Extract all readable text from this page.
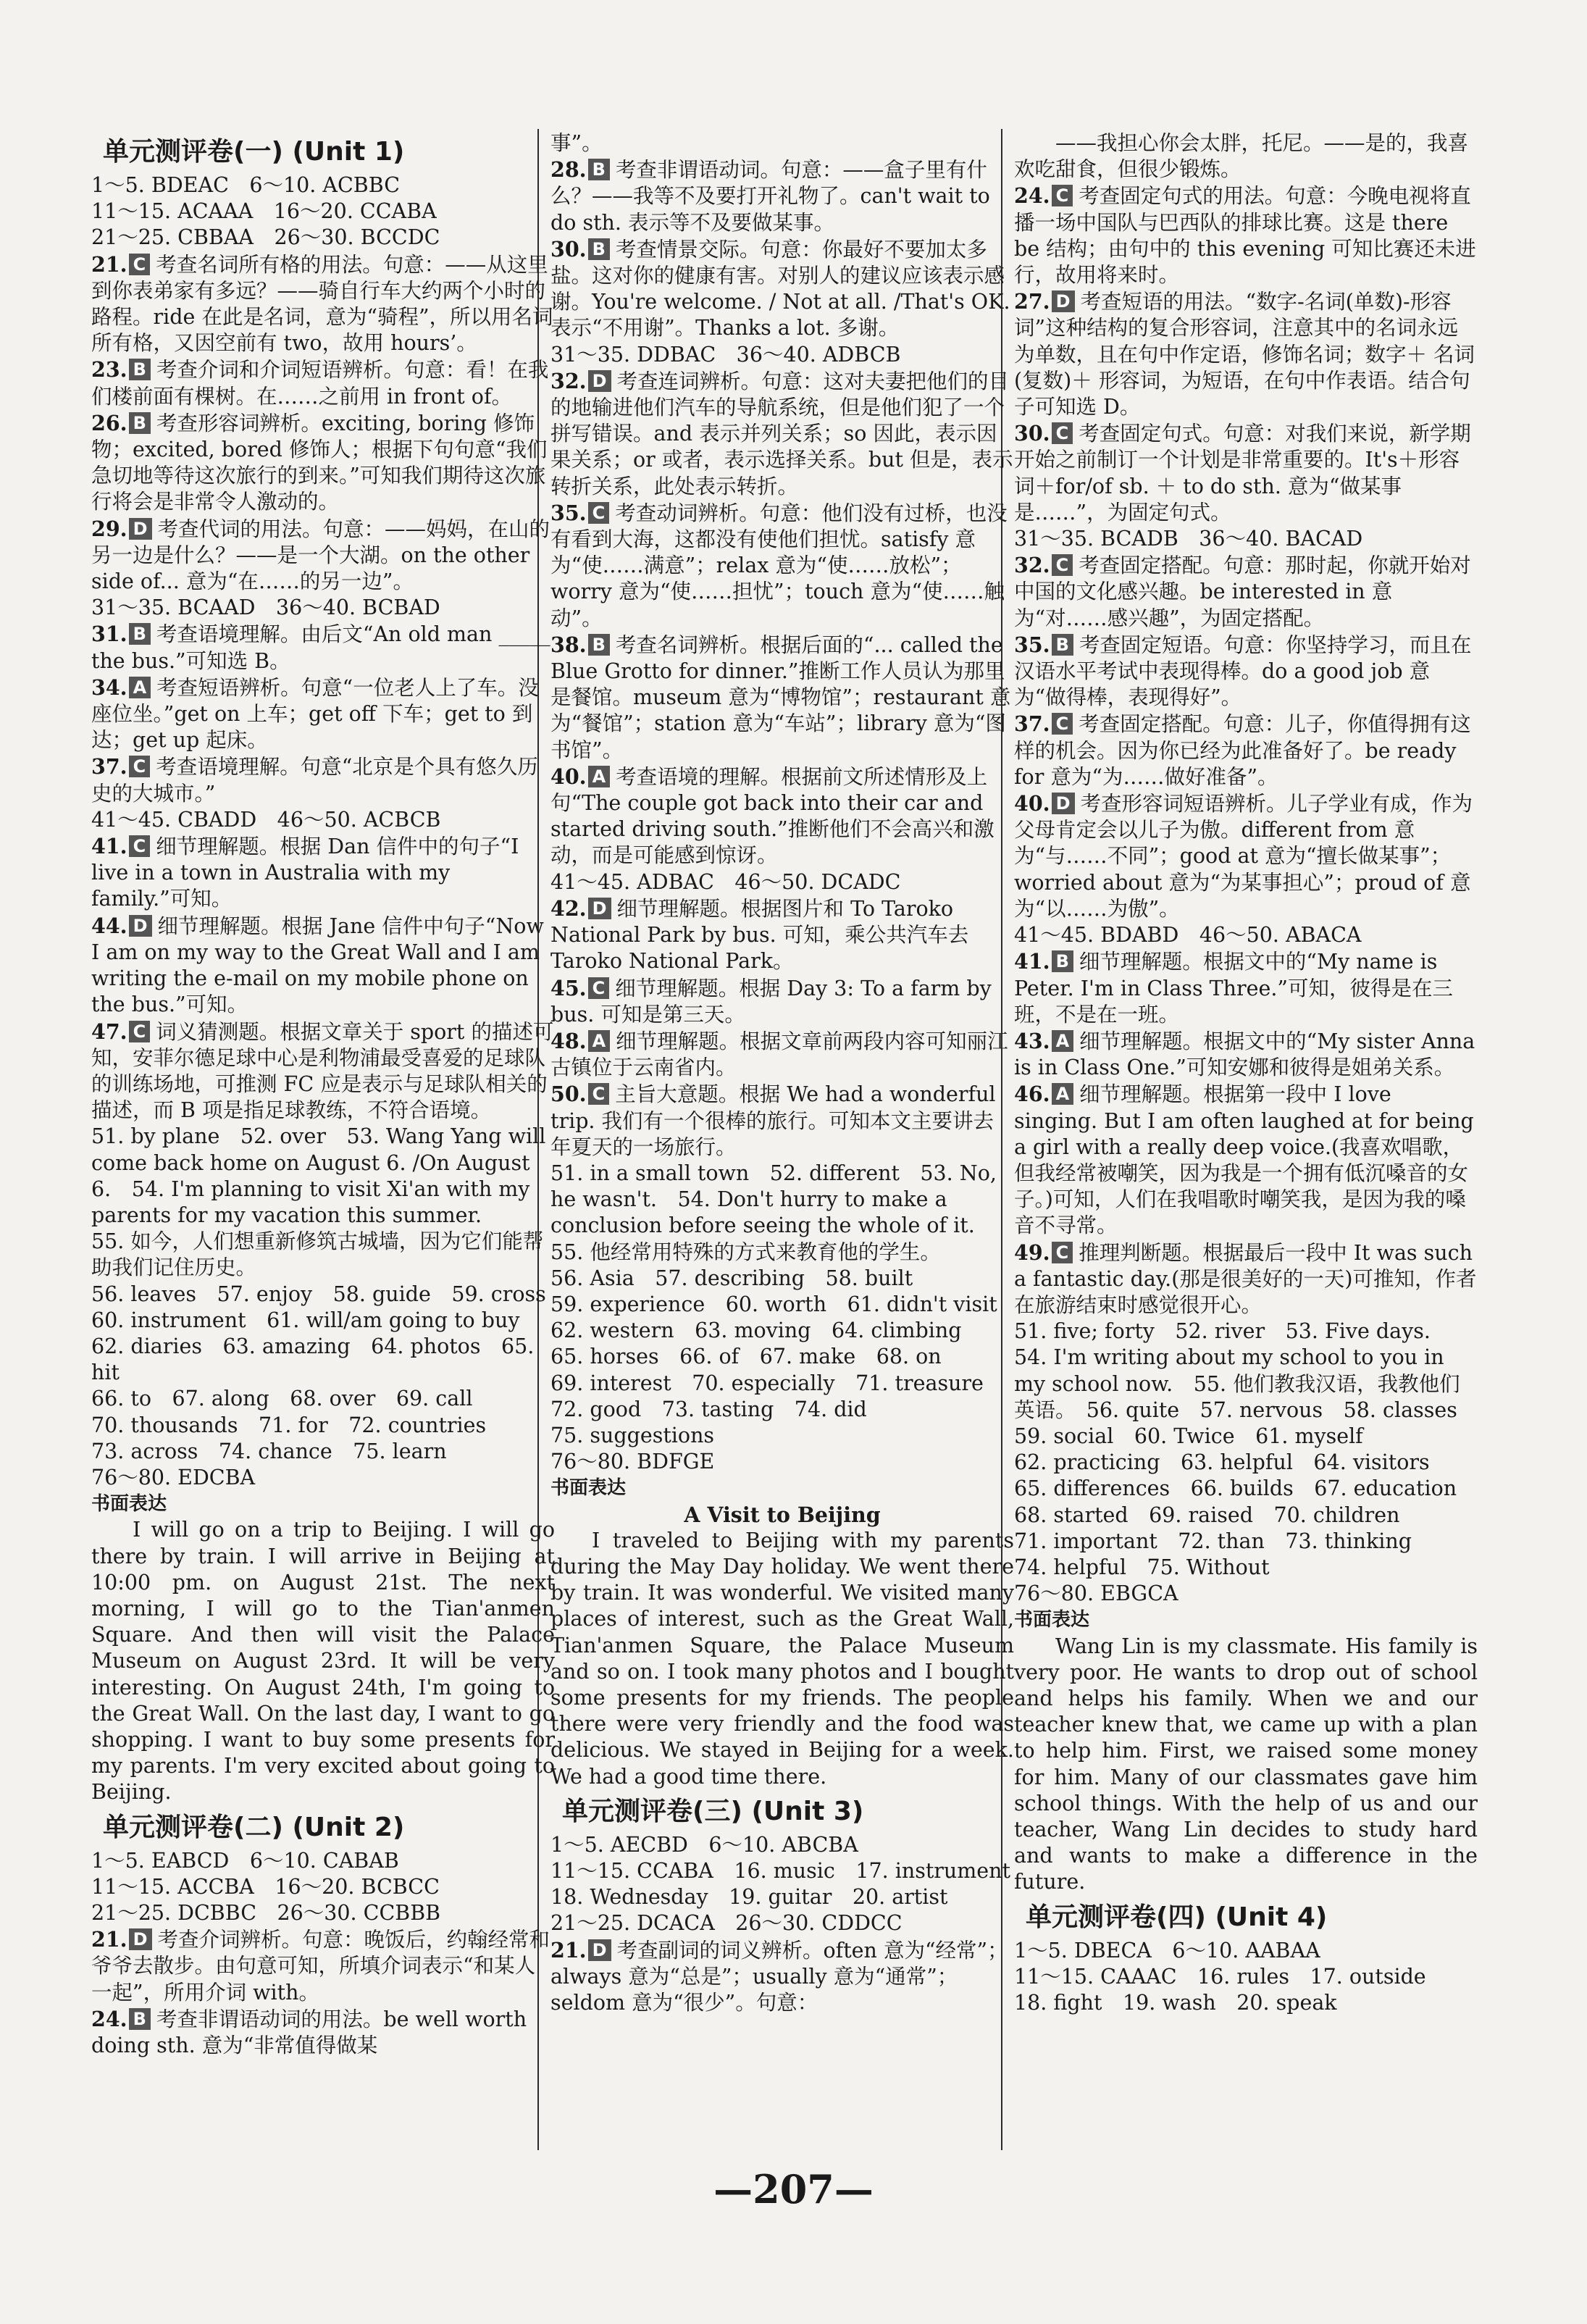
单元测评卷(一) (Unit 1)
1～5. BDEAC　6～10. ACBBC
11～15. ACAAA　16～20. CCABA
21～25. CBBAA　26～30. BCCDC
21. C 考查名词所有格的用法。句意：——从这里到你表弟家有多远？——骑自行车大约两个小时的路程。ride 在此是名词，意为“骑程”，所以用名词所有格，又因空前有 two，故用 hours’。
23. B 考查介词和介词短语辨析。句意：看！在我们楼前面有棵树。在……之前用 in front of。
26. B 考查形容词辨析。exciting, boring 修饰物；excited, bored 修饰人；根据下句句意“我们急切地等待这次旅行的到来。”可知我们期待这次旅行将会是非常令人激动的。
29. D 考查代词的用法。句意：——妈妈，在山的另一边是什么？——是一个大湖。on the other side of... 意为“在……的另一边”。
31～35. BCAAD　36～40. BCBAD
31. B 考查语境理解。由后文“An old man _____ the bus.”可知选 B。
34. A 考查短语辨析。句意“一位老人上了车。没座位坐。”get on 上车；get off 下车；get to 到达；get up 起床。
37. C 考查语境理解。句意“北京是个具有悠久历史的大城市。”
41～45. CBADD　46～50. ACBCB
41. C 细节理解题。根据 Dan 信件中的句子“I live in a town in Australia with my family.”可知。
44. D 细节理解题。根据 Jane 信件中句子“Now I am on my way to the Great Wall and I am writing the e-mail on my mobile phone on the bus.”可知。
47. C 词义猜测题。根据文章关于 sport 的描述可知，安菲尔德足球中心是利物浦最受喜爱的足球队的训练场地，可推测 FC 应是表示与足球队相关的描述，而 B 项是指足球教练，不符合语境。
51. by plane　52. over　53. Wang Yang will come back home on August 6. /On August 6.　54. I'm planning to visit Xi'an with my parents for my vacation this summer.
55. 如今，人们想重新修筑古城墙，因为它们能帮助我们记住历史。
56. leaves　57. enjoy　58. guide　59. cross
60. instrument　61. will/am going to buy
62. diaries　63. amazing　64. photos　65. hit
66. to　67. along　68. over　69. call
70. thousands　71. for　72. countries
73. across　74. chance　75. learn
76～80. EDCBA
书面表达
I will go on a trip to Beijing. I will go there by train. I will arrive in Beijing at 10:00 pm. on August 21st. The next morning, I will go to the Tian'anmen Square. And then will visit the Palace Museum on August 23rd. It will be very interesting. On August 24th, I'm going to the Great Wall. On the last day, I want to go shopping. I want to buy some presents for my parents. I'm very excited about going to Beijing.
单元测评卷(二) (Unit 2)
1～5. EABCD　6～10. CABAB
11～15. ACCBA　16～20. BCBCC
21～25. DCBBC　26～30. CCBBB
21. D 考查介词辨析。句意：晚饭后，约翰经常和爷爷去散步。由句意可知，所填介词表示“和某人一起”，所用介词 with。
24. B 考查非谓语动词的用法。be well worth doing sth. 意为“非常值得做某
事”。
28. B 考查非谓语动词。句意：——盒子里有什么？——我等不及要打开礼物了。can't wait to do sth. 表示等不及要做某事。
30. B 考查情景交际。句意：你最好不要加太多盐。这对你的健康有害。对别人的建议应该表示感谢。You're welcome. / Not at all. /That's OK. 表示“不用谢”。Thanks a lot. 多谢。
31～35. DDBAC　36～40. ADBCB
32. D 考查连词辨析。句意：这对夫妻把他们的目的地输进他们汽车的导航系统，但是他们犯了一个拼写错误。and 表示并列关系；so 因此，表示因果关系；or 或者，表示选择关系。but 但是，表示转折关系，此处表示转折。
35. C 考查动词辨析。句意：他们没有过桥，也没有看到大海，这都没有使他们担忧。satisfy 意为“使……满意”；relax 意为“使……放松”；worry 意为“使……担忧”；touch 意为“使……触动”。
38. B 考查名词辨析。根据后面的“... called the Blue Grotto for dinner.”推断工作人员认为那里是餐馆。museum 意为“博物馆”；restaurant 意为“餐馆”；station 意为“车站”；library 意为“图书馆”。
40. A 考查语境的理解。根据前文所述情形及上句“The couple got back into their car and started driving south.”推断他们不会高兴和激动，而是可能感到惊讶。
41～45. ADBAC　46～50. DCADC
42. D 细节理解题。根据图片和 To Taroko National Park by bus. 可知，乘公共汽车去 Taroko National Park。
45. C 细节理解题。根据 Day 3: To a farm by bus. 可知是第三天。
48. A 细节理解题。根据文章前两段内容可知丽江古镇位于云南省内。
50. C 主旨大意题。根据 We had a wonderful trip. 我们有一个很棒的旅行。可知本文主要讲去年夏天的一场旅行。
51. in a small town　52. different　53. No, he wasn't.　54. Don't hurry to make a conclusion before seeing the whole of it.
55. 他经常用特殊的方式来教育他的学生。
56. Asia　57. describing　58. built
59. experience　60. worth　61. didn't visit
62. western　63. moving　64. climbing
65. horses　66. of　67. make　68. on
69. interest　70. especially　71. treasure
72. good　73. tasting　74. did
75. suggestions
76～80. BDFGE
书面表达
A Visit to Beijing
I traveled to Beijing with my parents during the May Day holiday. We went there by train. It was wonderful. We visited many places of interest, such as the Great Wall, Tian'anmen Square, the Palace Museum and so on. I took many photos and I bought some presents for my friends. The people there were very friendly and the food was delicious. We stayed in Beijing for a week. We had a good time there.
单元测评卷(三) (Unit 3)
1～5. AECBD　6～10. ABCBA
11～15. CCABA　16. music　17. instrument
18. Wednesday　19. guitar　20. artist
21～25. DCACA　26～30. CDDCC
21. D 考查副词的词义辨析。often 意为“经常”；always 意为“总是”；usually 意为“通常”；seldom 意为“很少”。句意：
　　——我担心你会太胖，托尼。——是的，我喜欢吃甜食，但很少锻炼。
24. C 考查固定句式的用法。句意：今晚电视将直播一场中国队与巴西队的排球比赛。这是 there be 结构；由句中的 this evening 可知比赛还未进行，故用将来时。
27. D 考查短语的用法。“数字-名词(单数)-形容词”这种结构的复合形容词，注意其中的名词永远为单数，且在句中作定语，修饰名词；数字＋ 名词(复数)＋ 形容词，为短语，在句中作表语。结合句子可知选 D。
30. C 考查固定句式。句意：对我们来说，新学期开始之前制订一个计划是非常重要的。It's＋形容词＋for/of sb. ＋ to do sth. 意为“做某事是……”，为固定句式。
31～35. BCADB　36～40. BACAD
32. C 考查固定搭配。句意：那时起，你就开始对中国的文化感兴趣。be interested in 意为“对……感兴趣”，为固定搭配。
35. B 考查固定短语。句意：你坚持学习，而且在汉语水平考试中表现得棒。do a good job 意为“做得棒，表现得好”。
37. C 考查固定搭配。句意：儿子，你值得拥有这样的机会。因为你已经为此准备好了。be ready for 意为“为……做好准备”。
40. D 考查形容词短语辨析。儿子学业有成，作为父母肯定会以儿子为傲。different from 意为“与……不同”；good at 意为“擅长做某事”；worried about 意为“为某事担心”；proud of 意为“以……为傲”。
41～45. BDABD　46～50. ABACA
41. B 细节理解题。根据文中的“My name is Peter. I'm in Class Three.”可知，彼得是在三班，不是在一班。
43. A 细节理解题。根据文中的“My sister Anna is in Class One.”可知安娜和彼得是姐弟关系。
46. A 细节理解题。根据第一段中 I love singing. But I am often laughed at for being a girl with a really deep voice.(我喜欢唱歌，但我经常被嘲笑，因为我是一个拥有低沉嗓音的女子。)可知，人们在我唱歌时嘲笑我，是因为我的嗓音不寻常。
49. C 推理判断题。根据最后一段中 It was such a fantastic day.(那是很美好的一天)可推知，作者在旅游结束时感觉很开心。
51. five; forty　52. river　53. Five days.
54. I'm writing about my school to you in my school now.　55. 他们教我汉语，我教他们英语。　56. quite　57. nervous　58. classes
59. social　60. Twice　61. myself
62. practicing　63. helpful　64. visitors
65. differences　66. builds　67. education
68. started　69. raised　70. children
71. important　72. than　73. thinking
74. helpful　75. Without
76～80. EBGCA
书面表达
Wang Lin is my classmate. His family is very poor. He wants to drop out of school and helps his family. When we and our teacher knew that, we came up with a plan to help him. First, we raised some money for him. Many of our classmates gave him school things. With the help of us and our teacher, Wang Lin decides to study hard and wants to make a difference in the future.
单元测评卷(四) (Unit 4)
1～5. DBECA　6～10. AABAA
11～15. CAAAC　16. rules　17. outside
18. fight　19. wash　20. speak
—207—
